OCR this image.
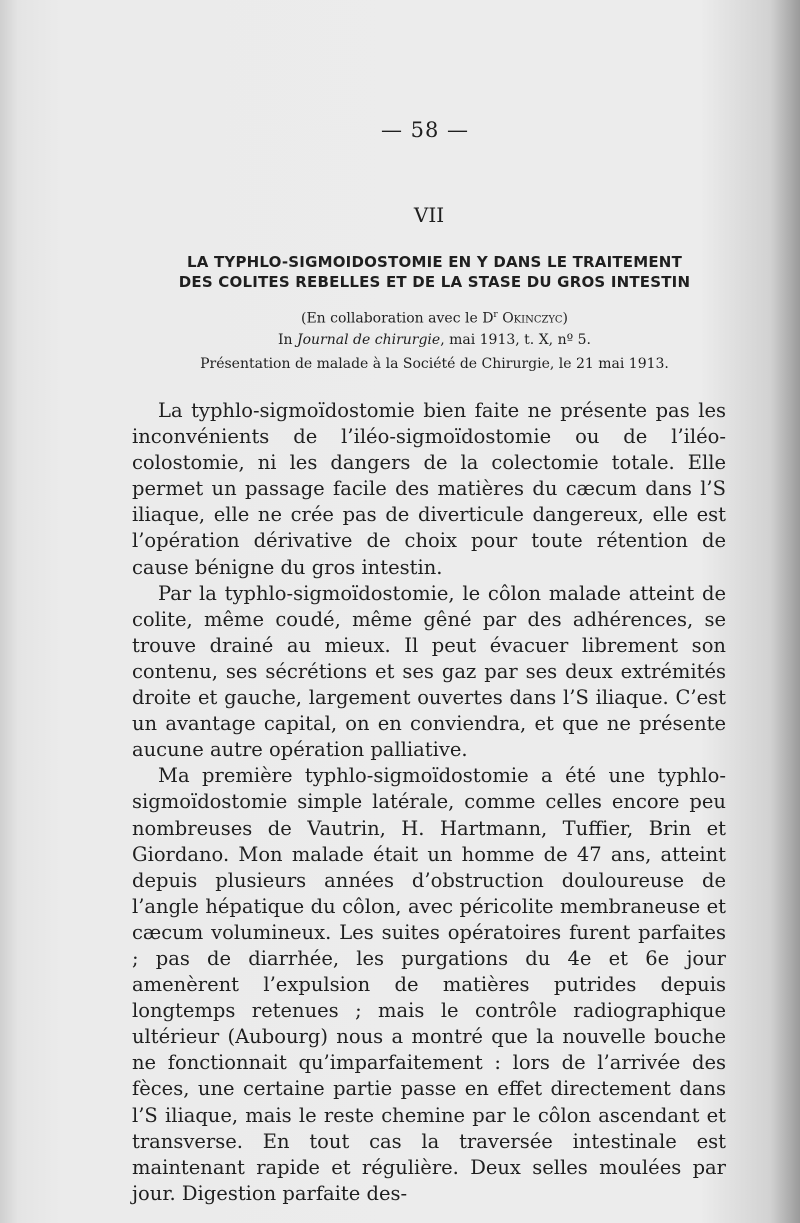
— 58 —
VII
LA TYPHLO-SIGMOIDOSTOMIE EN Y DANS LE TRAITEMENT
DES COLITES REBELLES ET DE LA STASE DU GROS INTESTIN
(En collaboration avec le $D^r$ Okinczyc)
In Journal de chirurgie, mai 1913, t. X, nº 5.
Présentation de malade à la Société de Chirurgie, le 21 mai 1913.

La typhlo-sigmoïdostomie bien faite ne présente pas les inconvénients de l’iléo-sigmoïdostomie ou de l’iléo-colostomie, ni les dangers de la colectomie totale. Elle permet un passage facile des matières du cæcum dans l’S iliaque, elle ne crée pas de diverticule dangereux, elle est l’opération dérivative de choix pour toute rétention de cause bénigne du gros intestin.

Par la typhlo-sigmoïdostomie, le côlon malade atteint de colite, même coudé, même gêné par des adhérences, se trouve drainé au mieux. Il peut évacuer librement son contenu, ses sécrétions et ses gaz par ses deux extrémités droite et gauche, largement ouvertes dans l’S iliaque. C’est un avantage capital, on en conviendra, et que ne présente aucune autre opération palliative.

Ma première typhlo-sigmoïdostomie a été une typhlo-sigmoïdostomie simple latérale, comme celles encore peu nombreuses de Vautrin, H. Hartmann, Tuffier, Brin et Giordano. Mon malade était un homme de 47 ans, atteint depuis plusieurs années d’obstruction douloureuse de l’angle hépatique du côlon, avec péricolite membraneuse et cæcum volumineux. Les suites opératoires furent parfaites ; pas de diarrhée, les purgations du 4e et 6e jour amenèrent l’expulsion de matières putrides depuis longtemps retenues ; mais le contrôle radiographique ultérieur (Aubourg) nous a montré que la nouvelle bouche ne fonctionnait qu’imparfaitement : lors de l’arrivée des fèces, une certaine partie passe en effet directement dans l’S iliaque, mais le reste chemine par le côlon ascendant et transverse. En tout cas la traversée intestinale est maintenant rapide et régulière. Deux selles moulées par jour. Digestion parfaite des-
